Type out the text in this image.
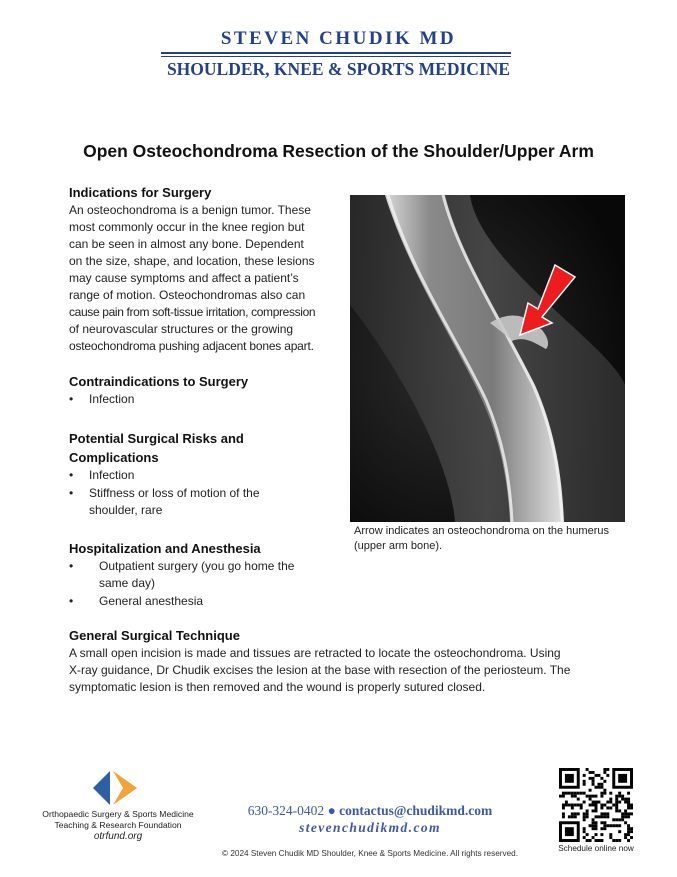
STEVEN CHUDIK MD
SHOULDER, KNEE & SPORTS MEDICINE
Open Osteochondroma Resection of the Shoulder/Upper Arm

Indications for Surgery

An osteochondroma is a benign tumor. These

most commonly occur in the knee region but

can be seen in almost any bone. Dependent

on the size, shape, and location, these lesions

may cause symptoms and affect a patient’s

range of motion. Osteochondromas also can

cause pain from soft-tissue irritation, compression

of neurovascular structures or the growing

osteochondroma pushing adjacent bones apart.

Contraindications to Surgery

• Infection

Potential Surgical Risks and

Complications

• Infection
• Stiffness or loss of motion of the
shoulder, rare

Hospitalization and Anesthesia

• Outpatient surgery (you go home the
same day)
• General anesthesia
Arrow indicates an osteochondroma on the humerus
(upper arm bone).

General Surgical Technique

A small open incision is made and tissues are retracted to locate the osteochondroma. Using

X-ray guidance, Dr Chudik excises the lesion at the base with resection of the periosteum. The

symptomatic lesion is then removed and the wound is properly sutured closed.

Orthopaedic Surgery & Sports Medicine
Teaching & Research Foundation
otrfund.org
630-324-0402 ● contactus@chudikmd.com
stevenchudikmd.com
© 2024 Steven Chudik MD Shoulder, Knee & Sports Medicine. All rights reserved.
Schedule online now
